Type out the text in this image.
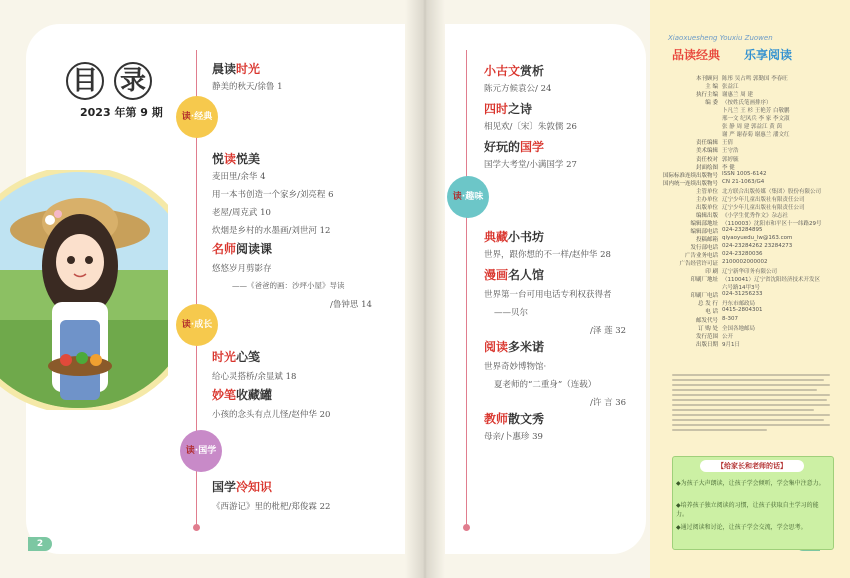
目 录
2023 年第 9 期	读·经典
读·成长
读·国学
晨读时光
静美的秋天/徐鲁 1
悦读悦美
麦田里/余华 4
用一本书创造一个家乡/刘亮程 6
老屋/周克武 10
炊烟是乡村的水墨画/刘世河 12
名师阅读课
悠悠岁月剪影存
——《爸爸的画：沙坪小屋》导读
/鲁钟思 14
时光心笺
给心灵搭桥/余显斌 18
妙笔收藏罐
小孩的念头有点儿怪/赵仲华 20
国学冷知识
《西游记》里的枇杷/郑俊霖 22
2
读·趣味
小古文赏析
陈元方候袁公/ 24
四时之诗
相见欢/〔宋〕朱敦儒 26
好玩的国学
国学大考堂/小满国学 27
典藏小书坊
世界，跟你想的不一样/赵仲华 28
漫画名人馆
世界第一台可用电话专利权获得者
——贝尔
/泽 莲 32
阅读多米诺
世界奇妙博物馆·
夏老师的“二重身”（连载）
/许 言 36
教师散文秀
母亲/卜惠珍 39
Xiaoxuesheng Youxiu Zuowen
品读经典 乐享阅读
本刊顾问 陈彤 吴占鸣 郭勤国 李春旺
主 编 张益江
执行主编 谢惠兰 周 建
编 委 （按姓氏笔画排序）
卜凡兰 王 杉 王艳芳 白敬鹏
邢一文 纪风兵 李 家 李文淑
张 静 周 建 郭益江 黄 茵
谢 严 谢春菊 谢惠兰 潘文红
责任编辑 王倩
美术编辑 王守浩
责任校对 郭婷毓
封面绘图 李 健
国际标准连续出版物号 ISSN 1005-6142
国内统一连续出版物号 CN 21-1063/G4
主管单位 北方联合出版传媒（集团）股份有限公司
主办单位 辽宁少年儿童出版社有限责任公司
出版单位 辽宁少年儿童出版社有限责任公司
编辑出版 《小学生优秀作文》杂志社
编辑部地址 （110003）沈阳市和平区十一纬路29号
编辑部电话 024-23284895
投稿邮箱 qiyaoyuedu_lw@163.com
发行部电话 024-23284262 23284273
广告业务电话 024-23280036
广告经营许可证 2100002000002
印 刷 辽宁新华印务有限公司
印刷厂地址 （110041）辽宁省沈阳经济技术开发区
六号路14甲3号
印刷厂电话 024-31256233
总 发 行 丹东市邮政局
电 话 0415-2804301
邮发代号 8-307
订 购 处 全国各地邮局
发行范围 公开
出版日期 9月1日
【给家长和老师的话】
◆为孩子大声朗读，让孩子学会倾听，学会集中注意力。
◆培养孩子独立阅读的习惯，让孩子获取自主学习的能力。
◆通过阅读和讨论，让孩子学会交流，学会思考。
